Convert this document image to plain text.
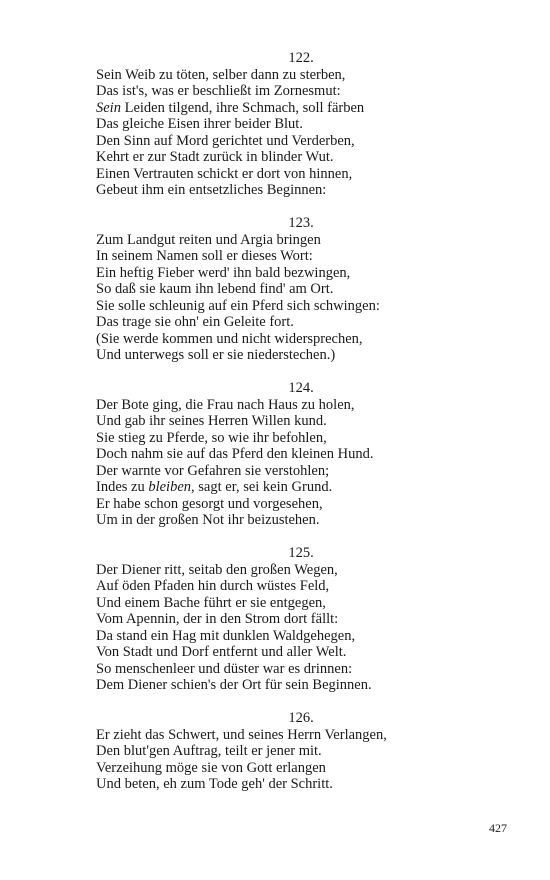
122.
Sein Weib zu töten, selber dann zu sterben,
Das ist's, was er beschließt im Zornesmut:
Sein Leiden tilgend, ihre Schmach, soll färben
Das gleiche Eisen ihrer beider Blut.
Den Sinn auf Mord gerichtet und Verderben,
Kehrt er zur Stadt zurück in blinder Wut.
Einen Vertrauten schickt er dort von hinnen,
Gebeut ihm ein entsetzliches Beginnen:
123.
Zum Landgut reiten und Argia bringen
In seinem Namen soll er dieses Wort:
Ein heftig Fieber werd' ihn bald bezwingen,
So daß sie kaum ihn lebend find' am Ort.
Sie solle schleunig auf ein Pferd sich schwingen:
Das trage sie ohn' ein Geleite fort.
(Sie werde kommen und nicht widersprechen,
Und unterwegs soll er sie niederstechen.)
124.
Der Bote ging, die Frau nach Haus zu holen,
Und gab ihr seines Herren Willen kund.
Sie stieg zu Pferde, so wie ihr befohlen,
Doch nahm sie auf das Pferd den kleinen Hund.
Der warnte vor Gefahren sie verstohlen;
Indes zu bleiben, sagt er, sei kein Grund.
Er habe schon gesorgt und vorgesehen,
Um in der großen Not ihr beizustehen.
125.
Der Diener ritt, seitab den großen Wegen,
Auf öden Pfaden hin durch wüstes Feld,
Und einem Bache führt er sie entgegen,
Vom Apennin, der in den Strom dort fällt:
Da stand ein Hag mit dunklen Waldgehegen,
Von Stadt und Dorf entfernt und aller Welt.
So menschenleer und düster war es drinnen:
Dem Diener schien's der Ort für sein Beginnen.
126.
Er zieht das Schwert, und seines Herrn Verlangen,
Den blut'gen Auftrag, teilt er jener mit.
Verzeihung möge sie von Gott erlangen
Und beten, eh zum Tode geh' der Schritt.
427
